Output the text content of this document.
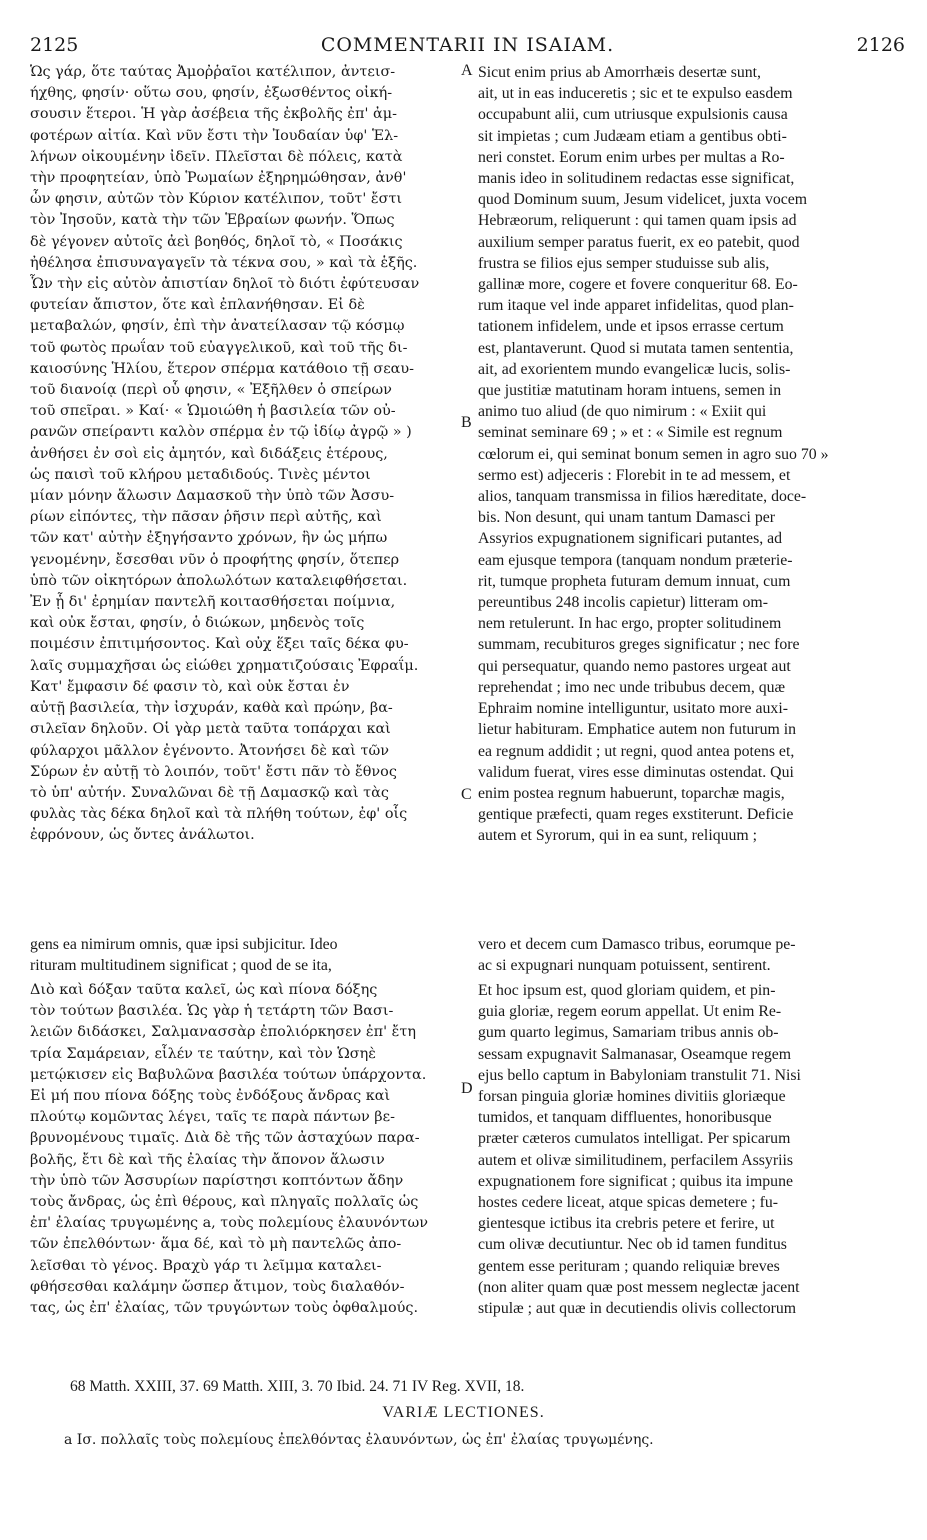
2125	COMMENTARII IN ISAIAM.	2126
A
B
C
D
Ὡς γάρ, ὅτε ταύτας Ἀμοῤῥαῖοι κατέλιπον, ἀντεισ-
ήχθης, φησίν· οὕτω σου, φησίν, ἐξωσθέντος οἰκή-
σουσιν ἕτεροι. Ἡ γὰρ ἀσέβεια τῆς ἐκβολῆς ἐπ' ἀμ-
φοτέρων αἰτία. Καὶ νῦν ἔστι τὴν Ἰουδαίαν ὑφ' Ἑλ-
λήνων οἰκουμένην ἰδεῖν. Πλεῖσται δὲ πόλεις, κατὰ
τὴν προφητείαν, ὑπὸ Ῥωμαίων ἐξηρημώθησαν, ἀνθ'
ὧν φησιν, αὐτῶν τὸν Κύριον κατέλιπον, τοῦτ' ἔστι
τὸν Ἰησοῦν, κατὰ τὴν τῶν Ἑβραίων φωνήν. Ὅπως
δὲ γέγονεν αὐτοῖς ἀεὶ βοηθός, δηλοῖ τὸ, « Ποσάκις
ἠθέλησα ἐπισυναγαγεῖν τὰ τέκνα σου, » καὶ τὰ ἑξῆς.
Ὧν τὴν εἰς αὐτὸν ἀπιστίαν δηλοῖ τὸ διότι ἐφύτευσαν
φυτείαν ἄπιστον, ὅτε καὶ ἐπλανήθησαν. Εἰ δὲ
μεταβαλών, φησίν, ἐπὶ τὴν ἀνατείλασαν τῷ κόσμῳ
τοῦ φωτὸς πρωΐαν τοῦ εὐαγγελικοῦ, καὶ τοῦ τῆς δι-
καιοσύνης Ἡλίου, ἕτερον σπέρμα κατάθοιο τῇ σεαυ-
τοῦ διανοίᾳ (περὶ οὗ φησιν, « Ἐξῆλθεν ὁ σπείρων
τοῦ σπεῖραι. » Καί· « Ὡμοιώθη ἡ βασιλεία τῶν οὐ-
ρανῶν σπείραντι καλὸν σπέρμα ἐν τῷ ἰδίῳ ἀγρῷ » )
ἀνθήσει ἐν σοὶ εἰς ἀμητόν, καὶ διδάξεις ἑτέρους,
ὡς παισὶ τοῦ κλήρου μεταδιδούς. Τινὲς μέντοι
μίαν μόνην ἅλωσιν Δαμασκοῦ τὴν ὑπὸ τῶν Ἀσσυ-
ρίων εἰπόντες, τὴν πᾶσαν ῥῆσιν περὶ αὐτῆς, καὶ
τῶν κατ' αὐτὴν ἐξηγήσαντο χρόνων, ἣν ὡς μήπω
γενομένην, ἔσεσθαι νῦν ὁ προφήτης φησίν, ὅτεπερ
ὑπὸ τῶν οἰκητόρων ἀπολωλότων καταλειφθήσεται.
Ἐν ᾗ δι' ἐρημίαν παντελῆ κοιτασθήσεται ποίμνια,
καὶ οὐκ ἔσται, φησίν, ὁ διώκων, μηδενὸς τοῖς
ποιμέσιν ἐπιτιμήσοντος. Καὶ οὐχ ἕξει ταῖς δέκα φυ-
λαῖς συμμαχῆσαι ὡς εἰώθει χρηματιζούσαις Ἐφραΐμ.
Κατ' ἔμφασιν δέ φασιν τὸ, καὶ οὐκ ἔσται ἐν
αὐτῇ βασιλεία, τὴν ἰσχυράν, καθὰ καὶ πρώην, βα-
σιλεῖαν δηλοῦν. Οἱ γὰρ μετὰ ταῦτα τοπάρχαι καὶ
φύλαρχοι μᾶλλον ἐγένοντο. Ἀτονήσει δὲ καὶ τῶν
Σύρων ἐν αὐτῇ τὸ λοιπόν, τοῦτ' ἔστι πᾶν τὸ ἔθνος
τὸ ὑπ' αὐτήν. Συναλῶναι δὲ τῇ Δαμασκῷ καὶ τὰς
φυλὰς τὰς δέκα δηλοῖ καὶ τὰ πλήθη τούτων, ἐφ' οἷς
ἐφρόνουν, ὡς ὄντες ἀνάλωτοι.
Sicut enim prius ab Amorrhæis desertæ sunt,
ait, ut in eas induceretis ; sic et te expulso easdem
occupabunt alii, cum utriusque expulsionis causa
sit impietas ; cum Judæam etiam a gentibus obti-
neri constet. Eorum enim urbes per multas a Ro-
manis ideo in solitudinem redactas esse significat,
quod Dominum suum, Jesum videlicet, juxta vocem
Hebræorum, reliquerunt : qui tamen quam ipsis ad
auxilium semper paratus fuerit, ex eo patebit, quod
frustra se filios ejus semper studuisse sub alis,
gallinæ more, cogere et fovere conqueritur 68. Eo-
rum itaque vel inde apparet infidelitas, quod plan-
tationem infidelem, unde et ipsos errasse certum
est, plantaverunt. Quod si mutata tamen sententia,
ait, ad exorientem mundo evangelicæ lucis, solis-
que justitiæ matutinam horam intuens, semen in
animo tuo aliud (de quo nimirum : « Exiit qui
seminat seminare 69 ; » et : « Simile est regnum
cœlorum ei, qui seminat bonum semen in agro suo 70 »
sermo est) adjeceris : Florebit in te ad messem, et
alios, tanquam transmissa in filios hæreditate, doce-
bis. Non desunt, qui unam tantum Damasci per
Assyrios expugnationem significari putantes, ad
eam ejusque tempora (tanquam nondum præterie-
rit, tumque propheta futuram demum innuat, cum
pereuntibus 248 incolis capietur) litteram om-
nem retulerunt. In hac ergo, propter solitudinem
summam, recubituros greges significatur ; nec fore
qui persequatur, quando nemo pastores urgeat aut
reprehendat ; imo nec unde tribubus decem, quæ
Ephraim nomine intelliguntur, usitato more auxi-
lietur habituram. Emphatice autem non futurum in
ea regnum addidit ; ut regni, quod antea potens et,
validum fuerat, vires esse diminutas ostendat. Qui
enim postea regnum habuerunt, toparchæ magis,
gentique præfecti, quam reges exstiterunt. Deficie
autem et Syrorum, qui in ea sunt, reliquum ;
gens ea nimirum omnis, quæ ipsi subjicitur. Ideo	vero et decem cum Damasco tribus, eorumque pe-
rituram multitudinem significat ; quod de se ita,	ac si expugnari nunquam potuissent, sentirent.
Διὸ καὶ δόξαν ταῦτα καλεῖ, ὡς καὶ πίονα δόξης
τὸν τούτων βασιλέα. Ὡς γὰρ ἡ τετάρτη τῶν Βασι-
λειῶν διδάσκει, Σαλμανασσὰρ ἐπολιόρκησεν ἐπ' ἔτη
τρία Σαμάρειαν, εἷλέν τε ταύτην, καὶ τὸν Ὡσηὲ
μετῴκισεν εἰς Βαβυλῶνα βασιλέα τούτων ὑπάρχοντα.
Εἰ μή που πίονα δόξης τοὺς ἐνδόξους ἄνδρας καὶ
πλούτῳ κομῶντας λέγει, ταῖς τε παρὰ πάντων βε-
βρυνομένους τιμαῖς. Διὰ δὲ τῆς τῶν ἀσταχύων παρα-
βολῆς, ἔτι δὲ καὶ τῆς ἐλαίας τὴν ἄπονον ἅλωσιν
τὴν ὑπὸ τῶν Ἀσσυρίων παρίστησι κοπτόντων ἄδην
τοὺς ἄνδρας, ὡς ἐπὶ θέρους, καὶ πληγαῖς πολλαῖς ὡς
ἐπ' ἐλαίας τρυγωμένης a, τοὺς πολεμίους ἐλαυνόντων
τῶν ἐπελθόντων· ἅμα δέ, καὶ τὸ μὴ παντελῶς ἀπο-
λεῖσθαι τὸ γένος. Βραχὺ γάρ τι λεῖμμα καταλει-
φθήσεσθαι καλάμην ὥσπερ ἄτιμον, τοὺς διαλαθόν-
τας, ὡς ἐπ' ἐλαίας, τῶν τρυγώντων τοὺς ὀφθαλμούς.
Et hoc ipsum est, quod gloriam quidem, et pin-
guia gloriæ, regem eorum appellat. Ut enim Re-
gum quarto legimus, Samariam tribus annis ob-
sessam expugnavit Salmanasar, Oseamque regem
ejus bello captum in Babyloniam transtulit 71. Nisi
forsan pinguia gloriæ homines divitiis gloriæque
tumidos, et tanquam diffluentes, honoribusque
præter cæteros cumulatos intelligat. Per spicarum
autem et olivæ similitudinem, perfacilem Assyriis
expugnationem fore significat ; quibus ita impune
hostes cedere liceat, atque spicas demetere ; fu-
gientesque ictibus ita crebris petere et ferire, ut
cum olivæ decutiuntur. Nec ob id tamen funditus
gentem esse perituram ; quando reliquiæ breves
(non aliter quam quæ post messem neglectæ jacent
stipulæ ; aut quæ in decutiendis olivis collectorum
68 Matth. XXIII, 37. 69 Matth. XIII, 3. 70 Ibid. 24. 71 IV Reg. XVII, 18.
VARIÆ LECTIONES.
a Ισ. πολλαῖς τοὺς πολεμίους ἐπελθόντας ἐλαυνόντων, ὡς ἐπ' ἐλαίας τρυγωμένης.
